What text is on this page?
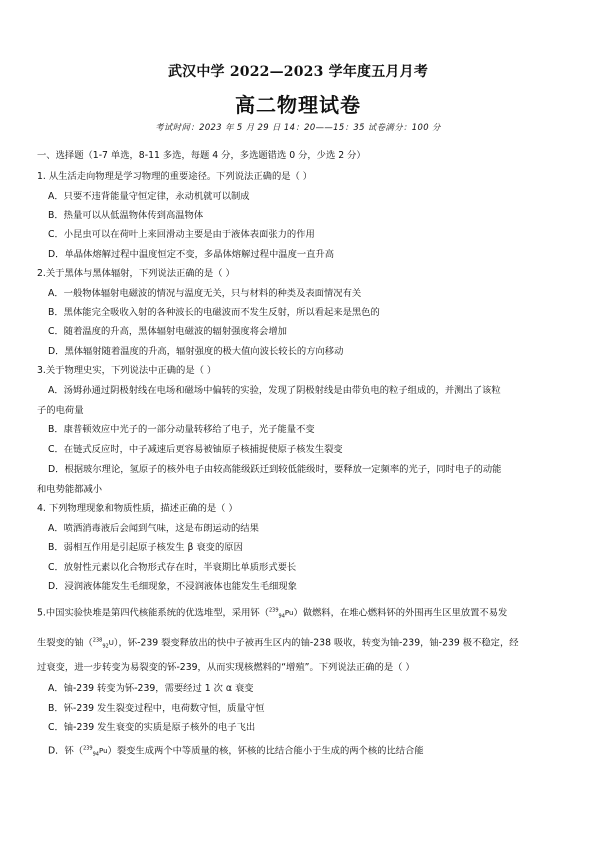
武汉中学 2022—2023 学年度五月月考
高二物理试卷
考试时间：2023 年 5 月 29 日 14：20——15：35 试卷满分：100 分
一、选择题（1-7 单选，8-11 多选，每题 4 分，多选题错选 0 分，少选 2 分）
1. 从生活走向物理是学习物理的重要途径。下列说法正确的是（ ）
A．只要不违背能量守恒定律，永动机就可以制成
B．热量可以从低温物体传到高温物体
C．小昆虫可以在荷叶上来回滑动主要是由于液体表面张力的作用
D．单晶体熔解过程中温度恒定不变，多晶体熔解过程中温度一直升高
2.关于黑体与黑体辐射，下列说法正确的是（ ）
A．一般物体辐射电磁波的情况与温度无关，只与材料的种类及表面情况有关
B．黑体能完全吸收入射的各种波长的电磁波而不发生反射，所以看起来是黑色的
C．随着温度的升高，黑体辐射电磁波的辐射强度将会增加
D．黑体辐射随着温度的升高，辐射强度的极大值向波长较长的方向移动
3.关于物理史实，下列说法中正确的是（ ）
A．汤姆孙通过阴极射线在电场和磁场中偏转的实验，发现了阴极射线是由带负电的粒子组成的，并测出了该粒
子的电荷量
B．康普顿效应中光子的一部分动量转移给了电子，光子能量不变
C．在链式反应时，中子减速后更容易被铀原子核捕捉使原子核发生裂变
D．根据玻尔理论，氢原子的核外电子由较高能级跃迁到较低能级时，要释放一定频率的光子，同时电子的动能
和电势能都减小
4. 下列物理现象和物质性质，描述正确的是（ ）
A．喷洒消毒液后会闻到气味，这是布朗运动的结果
B．弱相互作用是引起原子核发生 β 衰变的原因
C．放射性元素以化合物形式存在时，半衰期比单质形式要长
D．浸润液体能发生毛细现象，不浸润液体也能发生毛细现象
5.中国实验快堆是第四代核能系统的优选堆型，采用钚（$^{239}_{94}$Pu）做燃料，在堆心燃料钚的外围再生区里放置不易发
生裂变的铀（$^{238}_{92}$U），钚-239 裂变释放出的快中子被再生区内的铀-238 吸收，转变为铀-239，铀-239 极不稳定，经
过衰变，进一步转变为易裂变的钚-239，从而实现核燃料的“增殖”。下列说法正确的是（ ）
A．铀-239 转变为钚-239，需要经过 1 次 α 衰变
B．钚-239 发生裂变过程中，电荷数守恒，质量守恒
C．铀-239 发生衰变的实质是原子核外的电子飞出
D．钚（$^{239}_{94}$Pu）裂变生成两个中等质量的核，钚核的比结合能小于生成的两个核的比结合能
